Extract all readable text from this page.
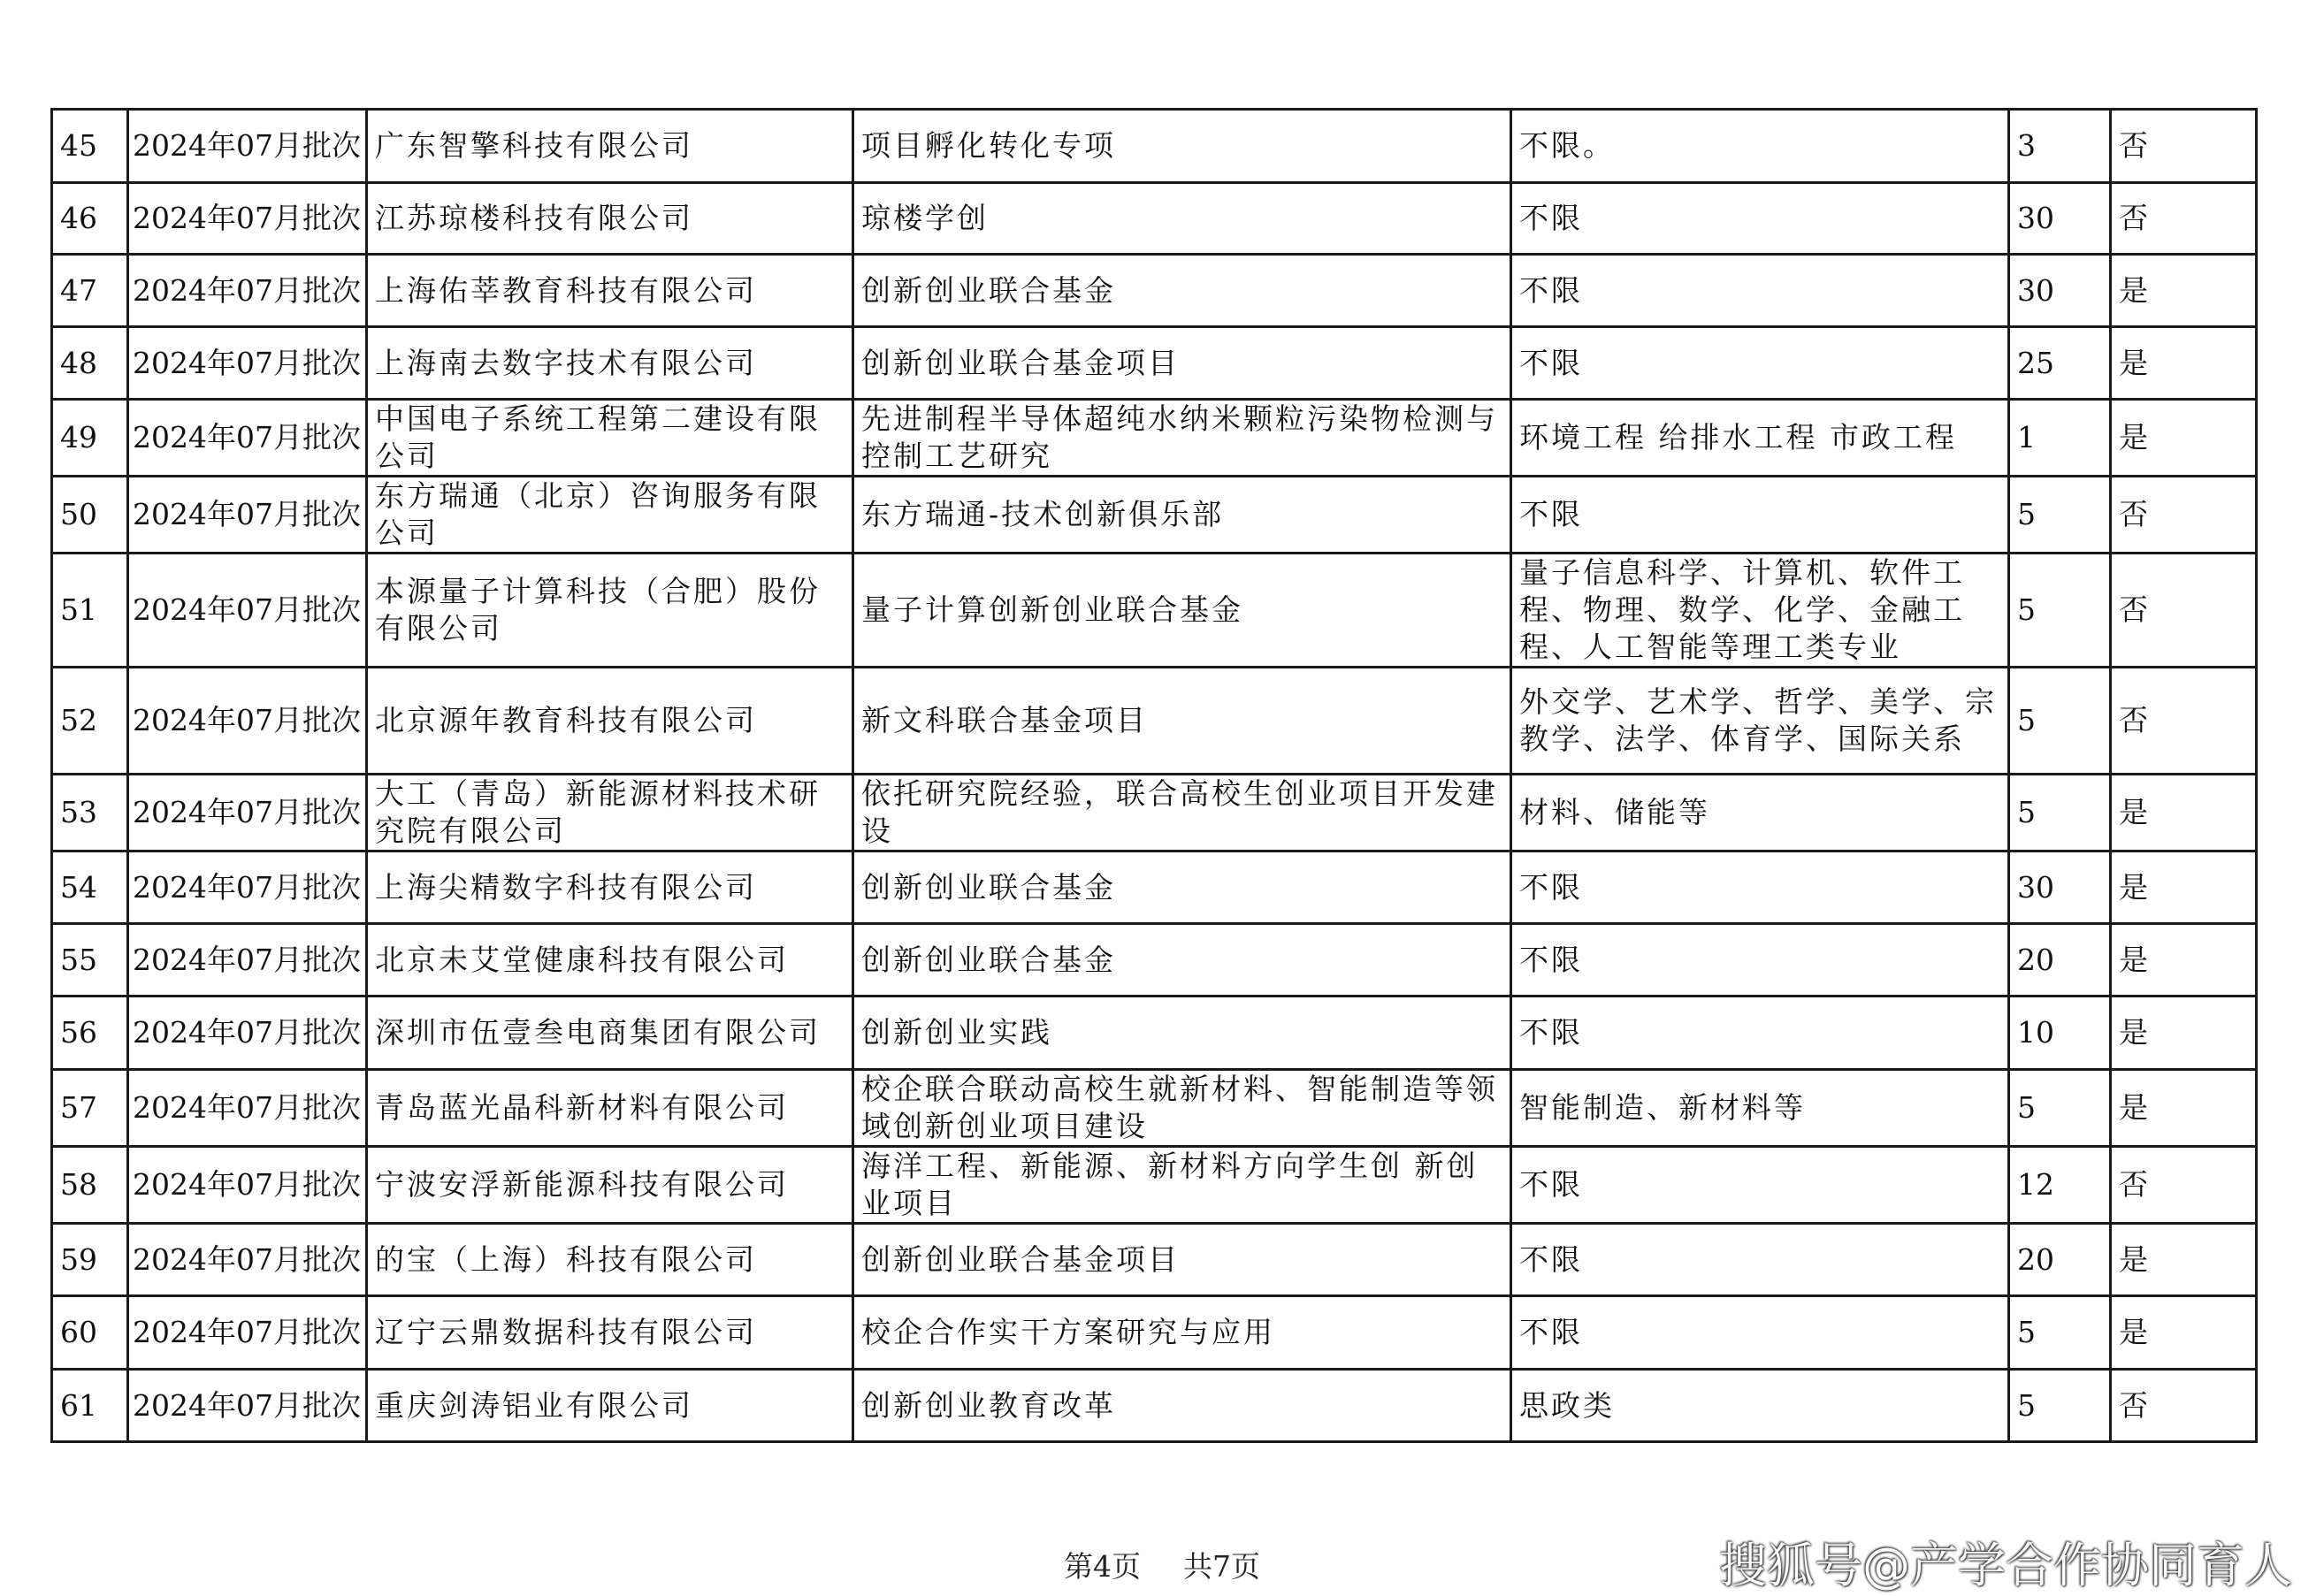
45	2024年07月批次	广东智擎科技有限公司	项目孵化转化专项	不限。	3	否
46	2024年07月批次	江苏琼楼科技有限公司	琼楼学创	不限	30	否
47	2024年07月批次	上海佑莘教育科技有限公司	创新创业联合基金	不限	30	是
48	2024年07月批次	上海南去数字技术有限公司	创新创业联合基金项目	不限	25	是
49	2024年07月批次	中国电子系统工程第二建设有限公司	先进制程半导体超纯水纳米颗粒污染物检测与控制工艺研究	环境工程 给排水工程 市政工程	1	是
50	2024年07月批次	东方瑞通（北京）咨询服务有限公司	东方瑞通-技术创新俱乐部	不限	5	否
51	2024年07月批次	本源量子计算科技（合肥）股份有限公司	量子计算创新创业联合基金	量子信息科学、计算机、软件工程、物理、数学、化学、金融工程、人工智能等理工类专业	5	否
52	2024年07月批次	北京源年教育科技有限公司	新文科联合基金项目	外交学、艺术学、哲学、美学、宗教学、法学、体育学、国际关系	5	否
53	2024年07月批次	大工（青岛）新能源材料技术研究院有限公司	依托研究院经验，联合高校生创业项目开发建设	材料、储能等	5	是
54	2024年07月批次	上海尖精数字科技有限公司	创新创业联合基金	不限	30	是
55	2024年07月批次	北京未艾堂健康科技有限公司	创新创业联合基金	不限	20	是
56	2024年07月批次	深圳市伍壹叁电商集团有限公司	创新创业实践	不限	10	是
57	2024年07月批次	青岛蓝光晶科新材料有限公司	校企联合联动高校生就新材料、智能制造等领域创新创业项目建设	智能制造、新材料等	5	是
58	2024年07月批次	宁波安浮新能源科技有限公司	海洋工程、新能源、新材料方向学生创 新创业项目	不限	12	否
59	2024年07月批次	的宝（上海）科技有限公司	创新创业联合基金项目	不限	20	是
60	2024年07月批次	辽宁云鼎数据科技有限公司	校企合作实干方案研究与应用	不限	5	是
61	2024年07月批次	重庆剑涛铝业有限公司	创新创业教育改革	思政类	5	否
第4页 共7页	搜狐号@产学合作协同育人
